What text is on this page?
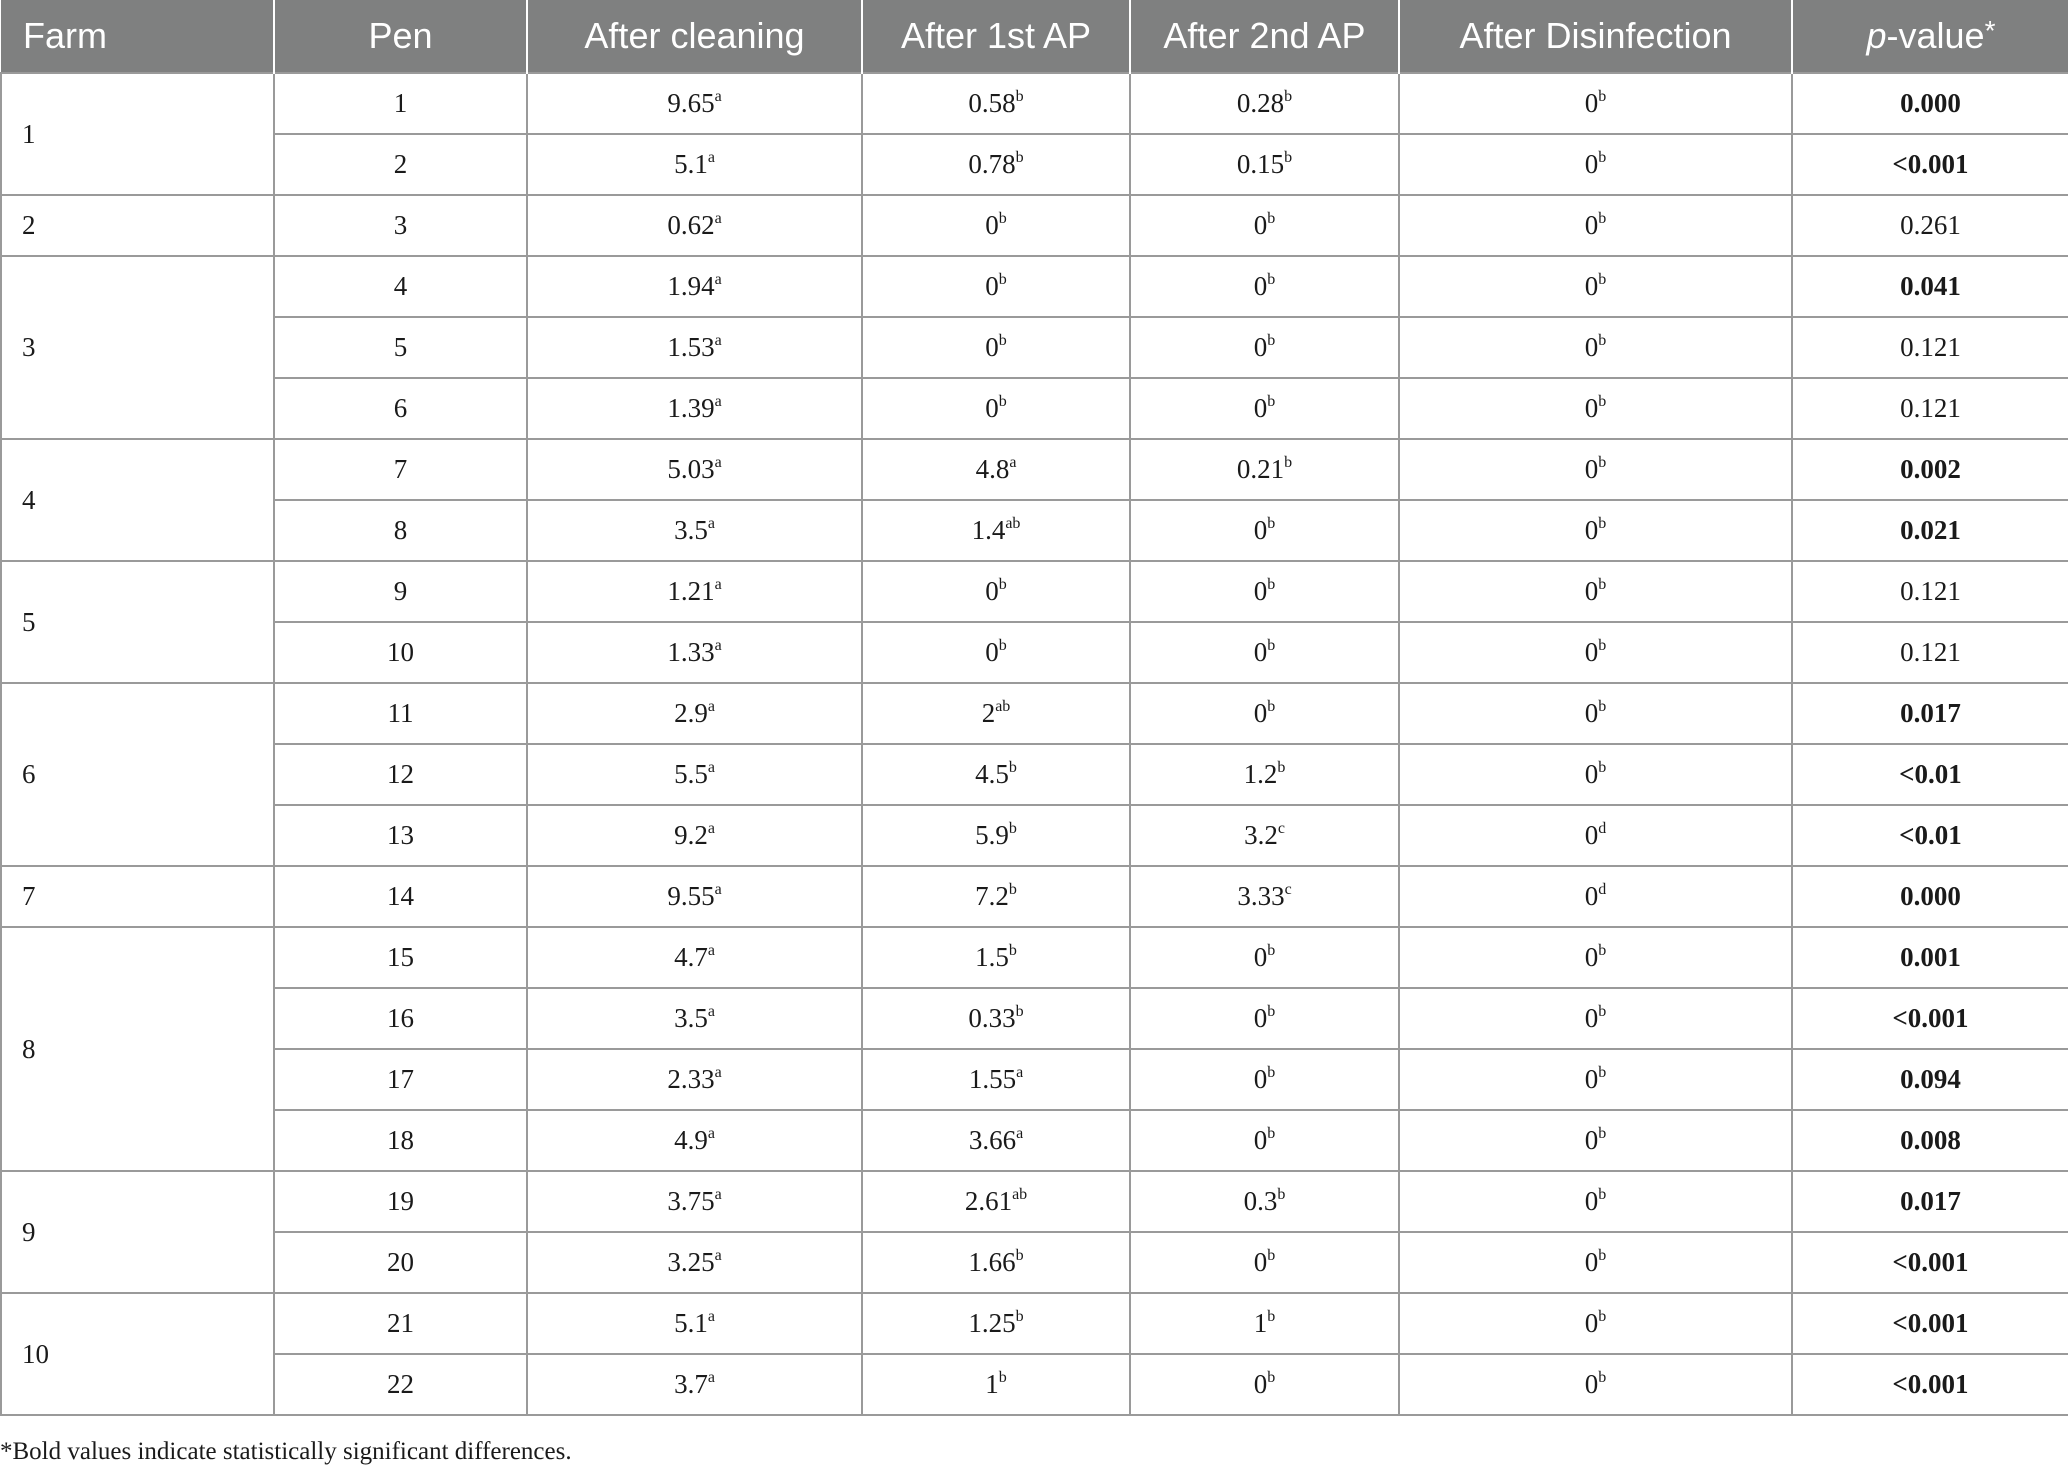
Farm	Pen	After cleaning	After 1st AP	After 2nd AP	After Disinfection	p-value*
1	1	9.65$^a$	0.58$^b$	0.28$^b$	0$^b$	0.000
	2	5.1$^a$	0.78$^b$	0.15$^b$	$0^b$	<0.001
2	3	0.62$^a$	0$^b$	0$^b$	0$^b$	0.261
3	4	1.94$^a$	0$^b$	0$^b$	0$^b$	0.041
	5	1.53$^a$	0$^b$	0$^b$	0$^b$	0.121
	6	1.39$^a$	0$^b$	0$^b$	0$^b$	0.121
4	7	5.03$^a$	4.8$^a$	0.21$^b$	0$^b$	0.002
	8	3.5$^a$	1.4$^{ab}$	0$^b$	0$^b$	0.021
5	9	1.21$^a$	0$^b$	0$^b$	0$^b$	0.121
	10	1.33$^a$	0$^b$	0$^b$	0$^b$	0.121
6	11	2.9$^a$	$2^{ab}$	0$^b$	0$^b$	0.017
	12	5.5$^a$	4.5$^b$	1.2$^b$	$0^b$	<0.01
	13	9.2$^a$	5.9$^b$	3.2$^c$	$0^d$	<0.01
7	14	9.55$^a$	7.2$^b$	3.33$^c$	0$^d$	0.000
8	15	4.7$^a$	1.5$^b$	0$^b$	0$^b$	0.001
	16	3.5$^a$	0.33$^b$	0$^b$	$0^b$	<0.001
	17	2.33$^a$	1.55$^a$	0$^b$	0$^b$	0.094
	18	4.9$^a$	3.66$^a$	0$^b$	0$^b$	0.008
9	19	3.75$^a$	2.61$^{ab}$	0.3$^b$	0$^b$	0.017
	20	3.25$^a$	1.66$^b$	0$^b$	$0^b$	<0.001
10	21	5.1$^a$	1.25$^b$	1$^b$	$0^b$	<0.001
	22	3.7$^a$	1$^b$	0$^b$	$0^b$	<0.001
*Bold values indicate statistically significant differences.
